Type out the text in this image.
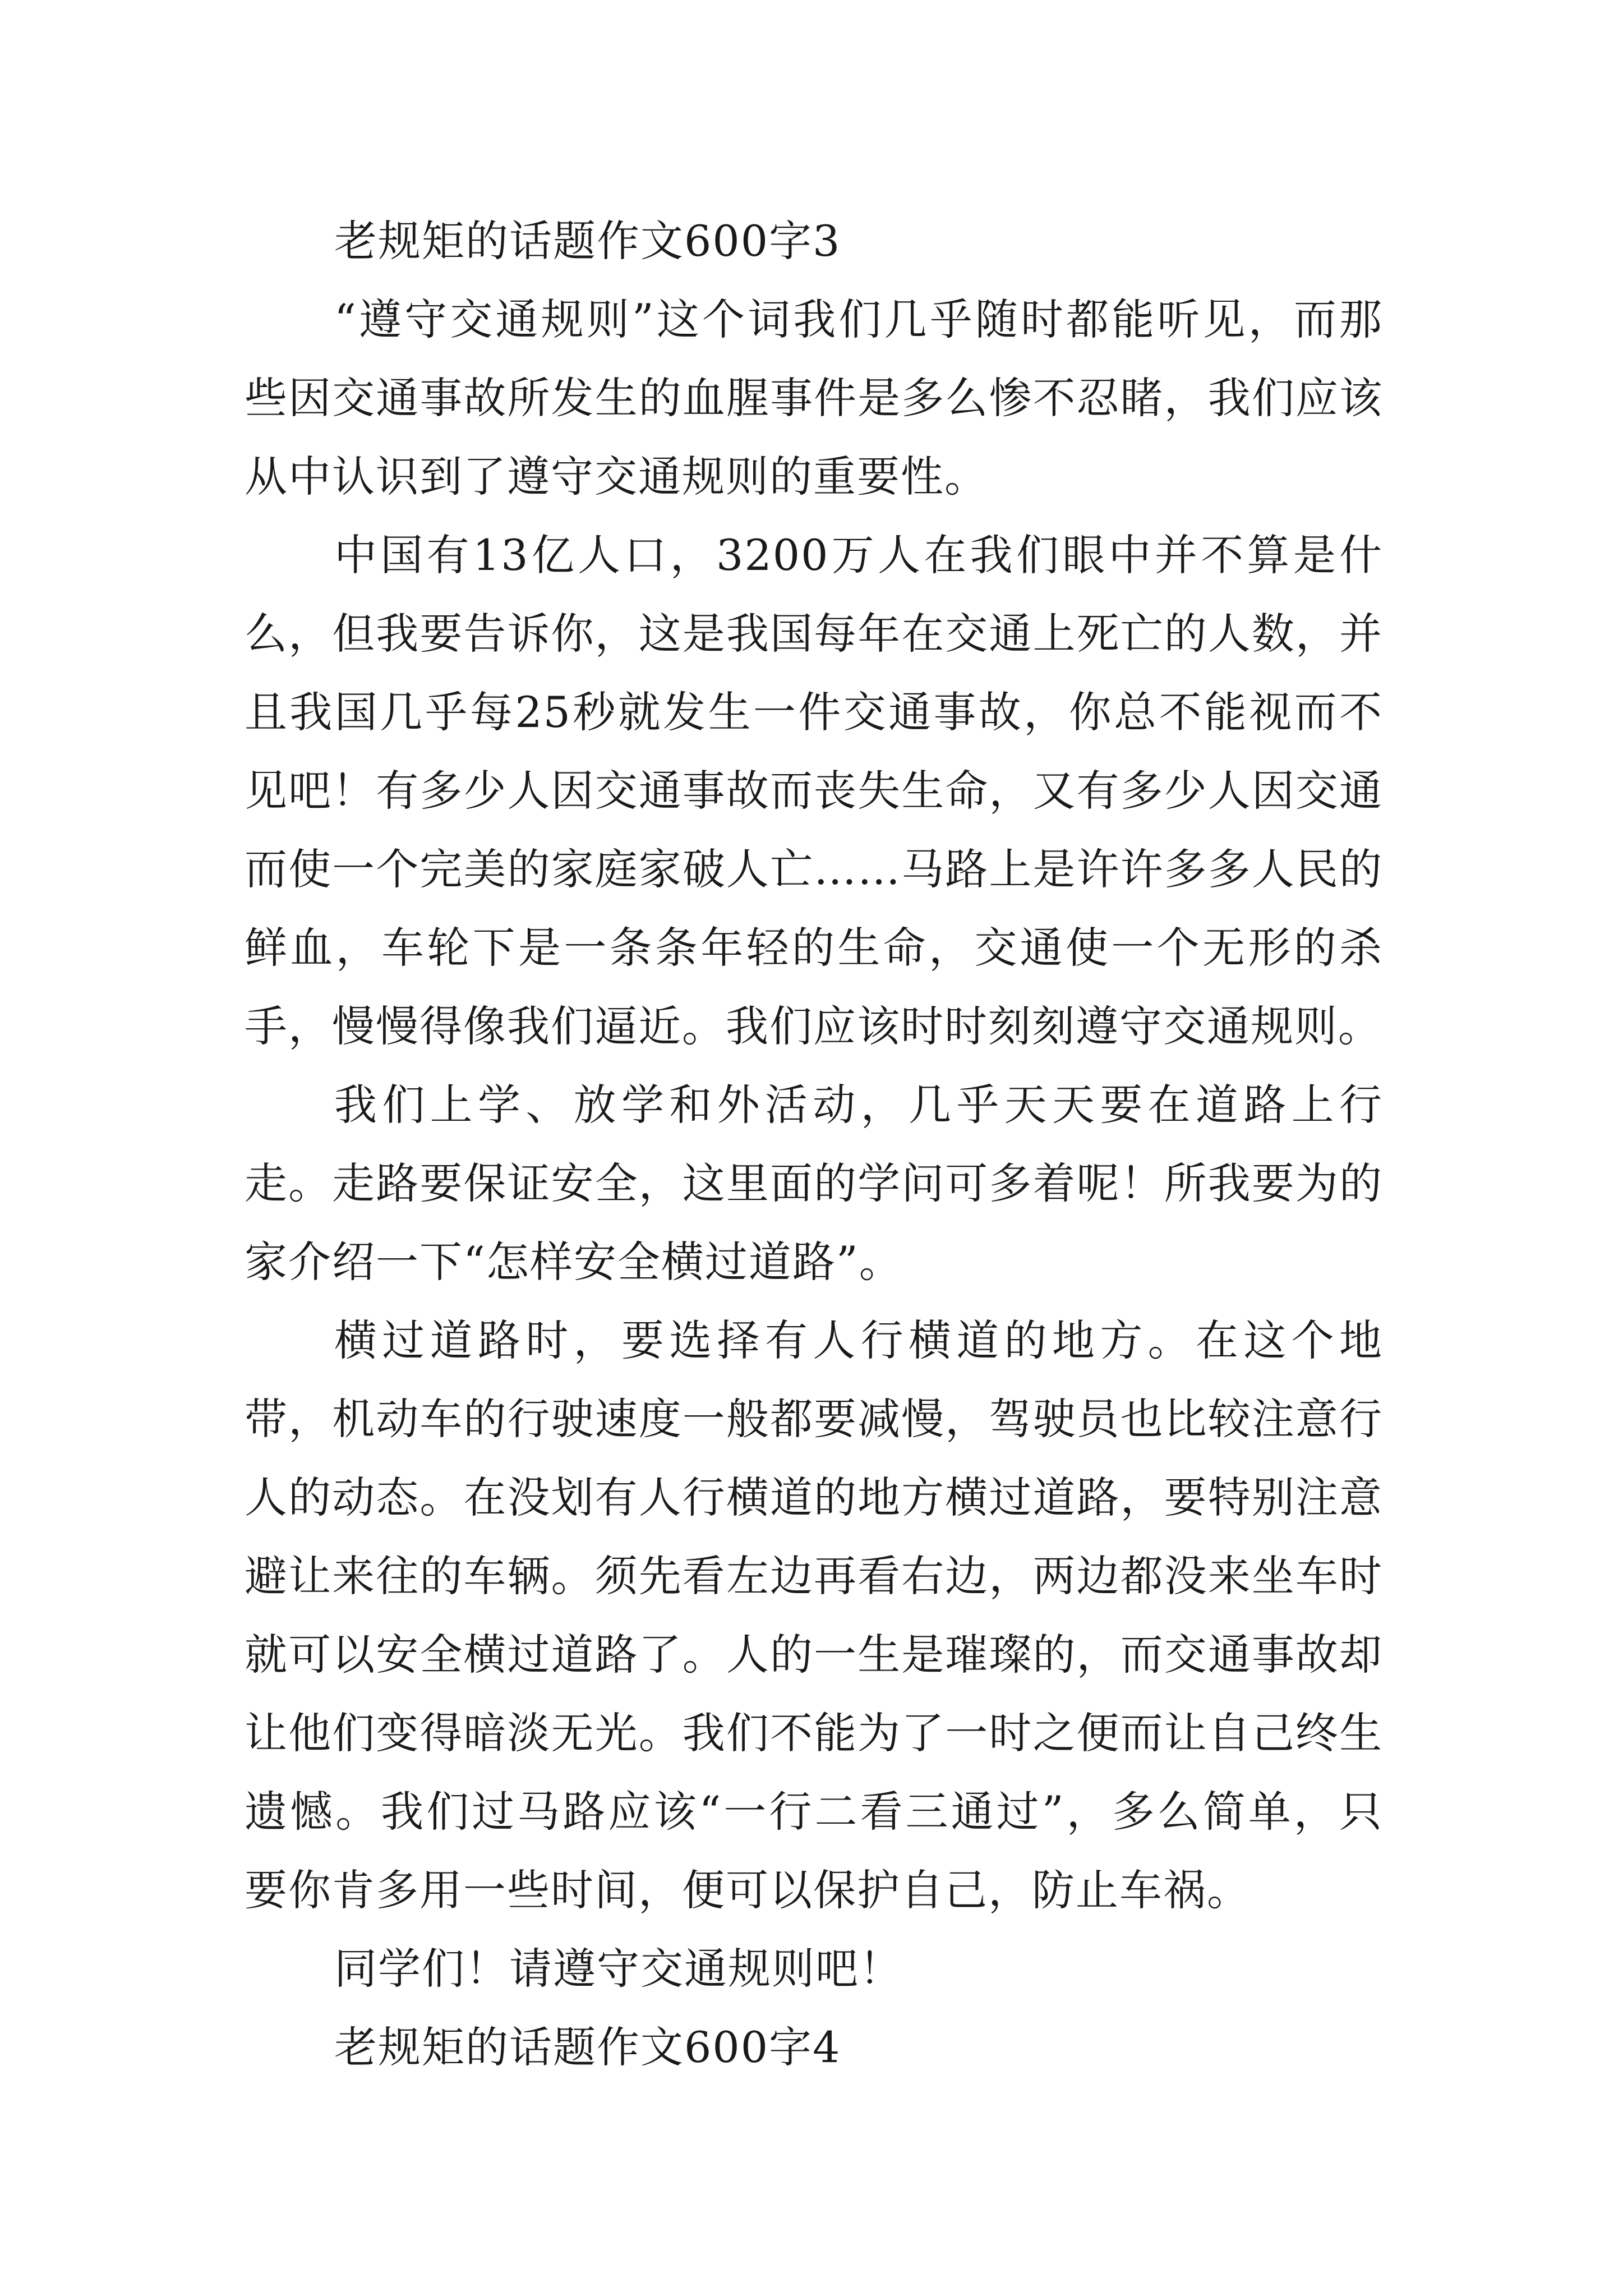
老规矩的话题作文600字3

“遵守交通规则”这个词我们几乎随时都能听见，而那些因交通事故所发生的血腥事件是多么惨不忍睹，我们应该从中认识到了遵守交通规则的重要性。

中国有13亿人口，3200万人在我们眼中并不算是什么，但我要告诉你，这是我国每年在交通上死亡的人数，并且我国几乎每25秒就发生一件交通事故，你总不能视而不见吧！有多少人因交通事故而丧失生命，又有多少人因交通而使一个完美的家庭家破人亡……马路上是许许多多人民的鲜血，车轮下是一条条年轻的生命，交通使一个无形的杀手，慢慢得像我们逼近。我们应该时时刻刻遵守交通规则。

我们上学、放学和外活动，几乎天天要在道路上行走。走路要保证安全，这里面的学问可多着呢！所我要为的家介绍一下“怎样安全横过道路”。

横过道路时，要选择有人行横道的地方。在这个地带，机动车的行驶速度一般都要减慢，驾驶员也比较注意行人的动态。在没划有人行横道的地方横过道路，要特别注意避让来往的车辆。须先看左边再看右边，两边都没来坐车时就可以安全横过道路了。人的一生是璀璨的，而交通事故却让他们变得暗淡无光。我们不能为了一时之便而让自己终生遗憾。我们过马路应该“一行二看三通过”，多么简单，只要你肯多用一些时间，便可以保护自己，防止车祸。

同学们！请遵守交通规则吧！

老规矩的话题作文600字4
